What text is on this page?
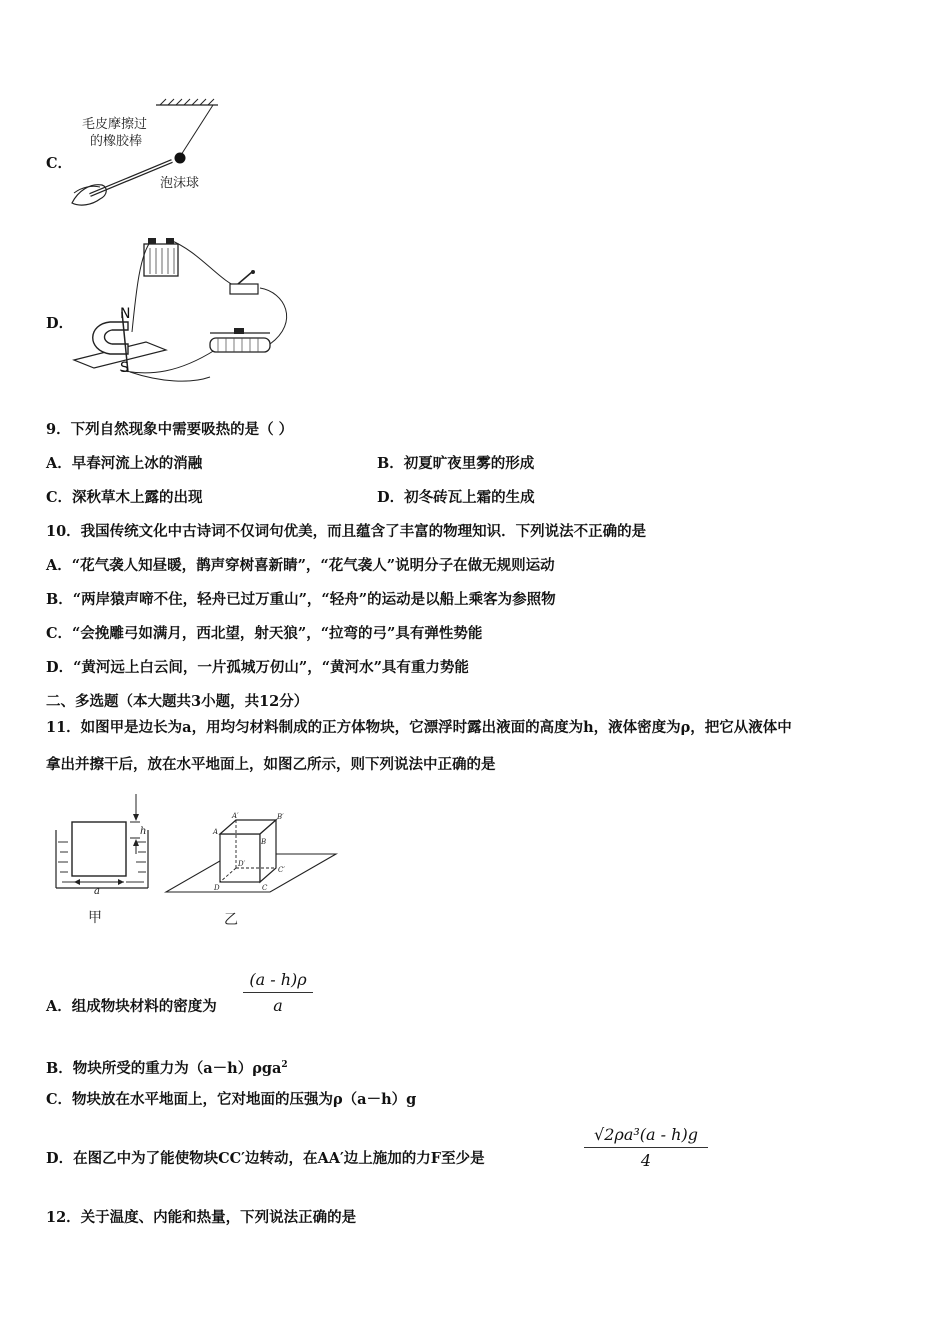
C．
毛皮摩擦过
的橡胶棒
泡沫球
D．
N
S
9．下列自然现象中需要吸热的是（ ）
A．早春河流上冰的消融	B．初夏旷夜里雾的形成
C．深秋草木上露的出现	D．初冬砖瓦上霜的生成
10．我国传统文化中古诗词不仅词句优美，而且蕴含了丰富的物理知识．下列说法不正确的是
A．“花气袭人知昼暖，鹊声穿树喜新睛”，“花气袭人”说明分子在做无规则运动
B．“两岸猿声啼不住，轻舟已过万重山”，“轻舟”的运动是以船上乘客为参照物
C．“会挽雕弓如满月，西北望，射天狼”，“拉弯的弓”具有弹性势能
D．“黄河远上白云间，一片孤城万仞山”，“黄河水”具有重力势能
二、多选题（本大题共3小题，共12分）
11．如图甲是边长为a，用均匀材料制成的正方体物块，它漂浮时露出液面的高度为h，液体密度为ρ，把它从液体中
拿出并擦干后，放在水平地面上，如图乙所示，则下列说法中正确的是
h
a
甲
A
A′	B′
B
D′
C′
D	C
乙
A．组成物块材料的密度为
(a - h)ρ
a
B．物块所受的重力为（a－h）ρga$^2$
C．物块放在水平地面上，它对地面的压强为ρ（a－h）g
D．在图乙中为了能使物块CC′边转动，在AA′边上施加的力F至少是
√2ρa³(a - h)g
4
12．关于温度、内能和热量，下列说法正确的是
